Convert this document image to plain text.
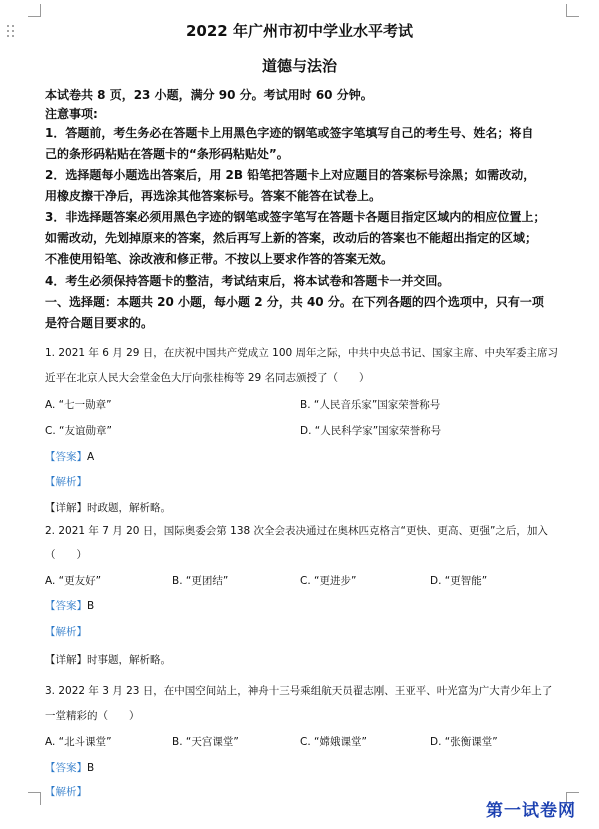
2022 年广州市初中学业水平考试
道德与法治
本试卷共 8 页，23 小题，满分 90 分。考试用时 60 分钟。
注意事项:
1．答题前，考生务必在答题卡上用黑色字迹的钢笔或签字笔填写自己的考生号、姓名；将自
己的条形码粘贴在答题卡的“条形码粘贴处”。
2．选择题每小题选出答案后，用 2B 铅笔把答题卡上对应题目的答案标号涂黑；如需改动，
用橡皮擦干净后，再选涂其他答案标号。答案不能答在试卷上。
3．非选择题答案必须用黑色字迹的钢笔或签字笔写在答题卡各题目指定区域内的相应位置上；
如需改动，先划掉原来的答案，然后再写上新的答案，改动后的答案也不能超出指定的区域；
不准使用铅笔、涂改液和修正带。不按以上要求作答的答案无效。
4．考生必须保持答题卡的整洁，考试结束后，将本试卷和答题卡一并交回。
一、选择题：本题共 20 小题，每小题 2 分，共 40 分。在下列各题的四个选项中，只有一项
是符合题目要求的。
1. 2021 年 6 月 29 日，在庆祝中国共产党成立 100 周年之际，中共中央总书记、国家主席、中央军委主席习
近平在北京人民大会堂金色大厅向张桂梅等 29 名同志颁授了（　　）
A. “七一勋章”	B. “人民音乐家”国家荣誉称号
C. “友谊勋章”	D. “人民科学家”国家荣誉称号
【答案】A
【解析】
【详解】时政题，解析略。
2. 2021 年 7 月 20 日，国际奥委会第 138 次全会表决通过在奥林匹克格言“更快、更高、更强”之后，加入
（　　）
A. “更友好”	B. “更团结”	C. “更进步”	D. “更智能”
【答案】B
【解析】
【详解】时事题，解析略。
3. 2022 年 3 月 23 日，在中国空间站上，神舟十三号乘组航天员翟志刚、王亚平、叶光富为广大青少年上了
一堂精彩的（　　）
A. “北斗课堂”	B. “天宫课堂”	C. “嫦娥课堂”	D. “张衡课堂”
【答案】B
【解析】
第一试卷网
